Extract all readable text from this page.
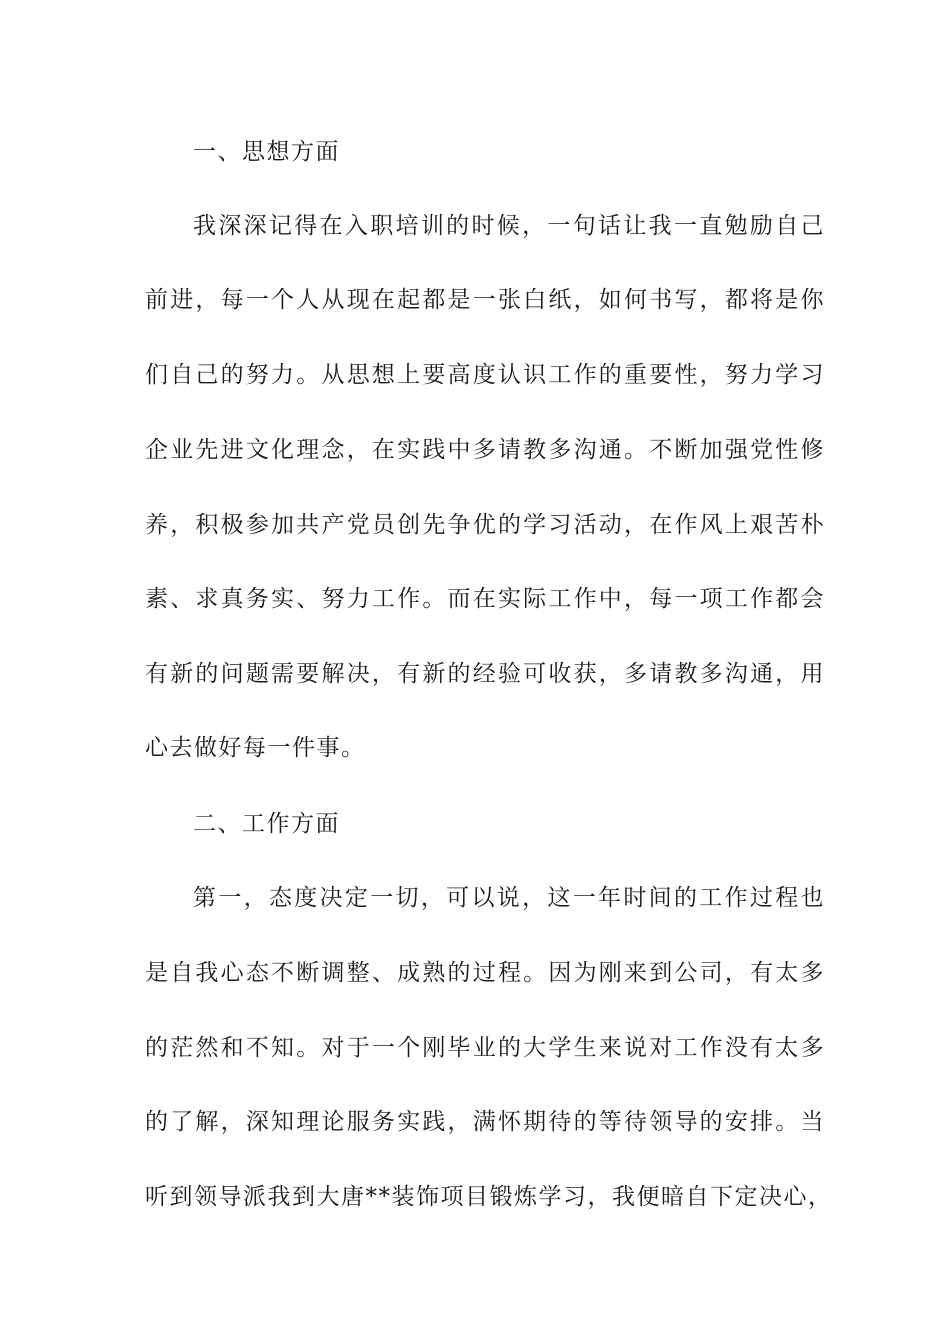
一、思想方面
我深深记得在入职培训的时候，一句话让我一直勉励自己
前进，每一个人从现在起都是一张白纸，如何书写，都将是你
们自己的努力。从思想上要高度认识工作的重要性，努力学习
企业先进文化理念，在实践中多请教多沟通。不断加强党性修
养，积极参加共产党员创先争优的学习活动，在作风上艰苦朴
素、求真务实、努力工作。而在实际工作中，每一项工作都会
有新的问题需要解决，有新的经验可收获，多请教多沟通，用
心去做好每一件事。
二、工作方面
第一，态度决定一切，可以说，这一年时间的工作过程也
是自我心态不断调整、成熟的过程。因为刚来到公司，有太多
的茫然和不知。对于一个刚毕业的大学生来说对工作没有太多
的了解，深知理论服务实践，满怀期待的等待领导的安排。当
听到领导派我到大唐**装饰项目锻炼学习，我便暗自下定决心，
